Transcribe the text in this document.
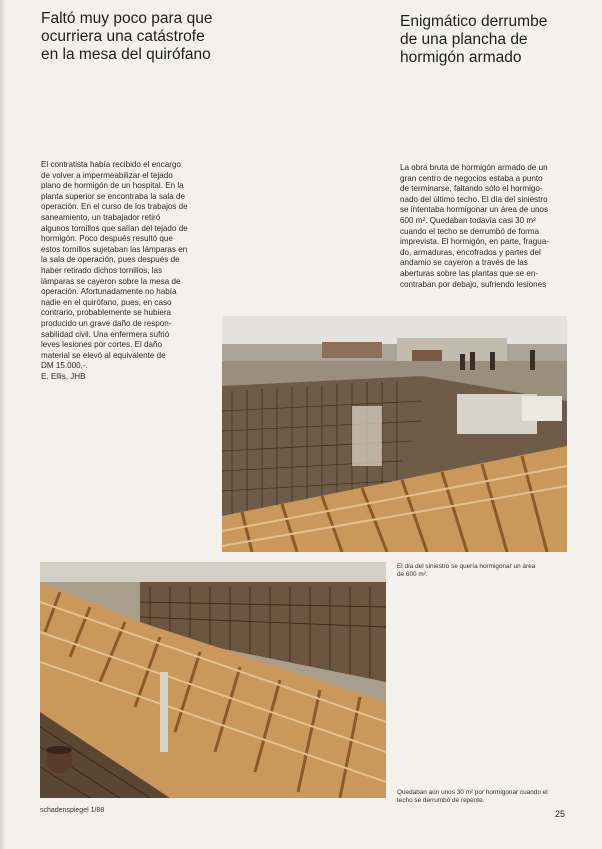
Faltó muy poco para que
ocurriera una catástrofe
en la mesa del quirófano
El contratista había recibido el encargo
de volver a impermeabilizar el tejado
plano de hormigón de un hospital. En la
planta superior se encontraba la sala de
operación. En el curso de los trabajos de
saneamiento, un trabajador retiró
algunos tornillos que salían del tejado de
hormigón. Poco después resultó que
estos tornillos sujetaban las lámparas en
la sala de operación, pues después de
haber retirado dichos tornillos, las
lámparas se cayeron sobre la mesa de
operación. Afortunadamente no había
nadie en el quirófano, pues, en caso
contrario, probablemente se hubiera
producido un grave daño de respon-
sabilidad civil. Una enfermera sufrió
leves lesiones por cortes. El daño
material se elevó al equivalente de
DM 15.000,-.
E. Ellis, JHB
Enigmático derrumbe
de una plancha de
hormigón armado
La obra bruta de hormigón armado de un
gran centro de negocios estaba a punto
de terminarse, faltando sólo el hormigo-
nado del último techo. El día del siniestro
se intentaba hormigonar un área de unos
600 m². Quedaban todavía casi 30 m²
cuando el techo se derrumbó de forma
imprevista. El hormigón, en parte, fragua-
do, armaduras, encofrados y partes del
andamio se cayeron a través de las
aberturas sobre las plantas que se en-
contraban por debajo, sufriendo lesiones
El día del siniestro se quería hormigonar un área
de 600 m².
Quedaban aún unos 30 m² por hormigonar cuando el
techo se derrumbó de repente.
schadenspiegel 1/88	25
